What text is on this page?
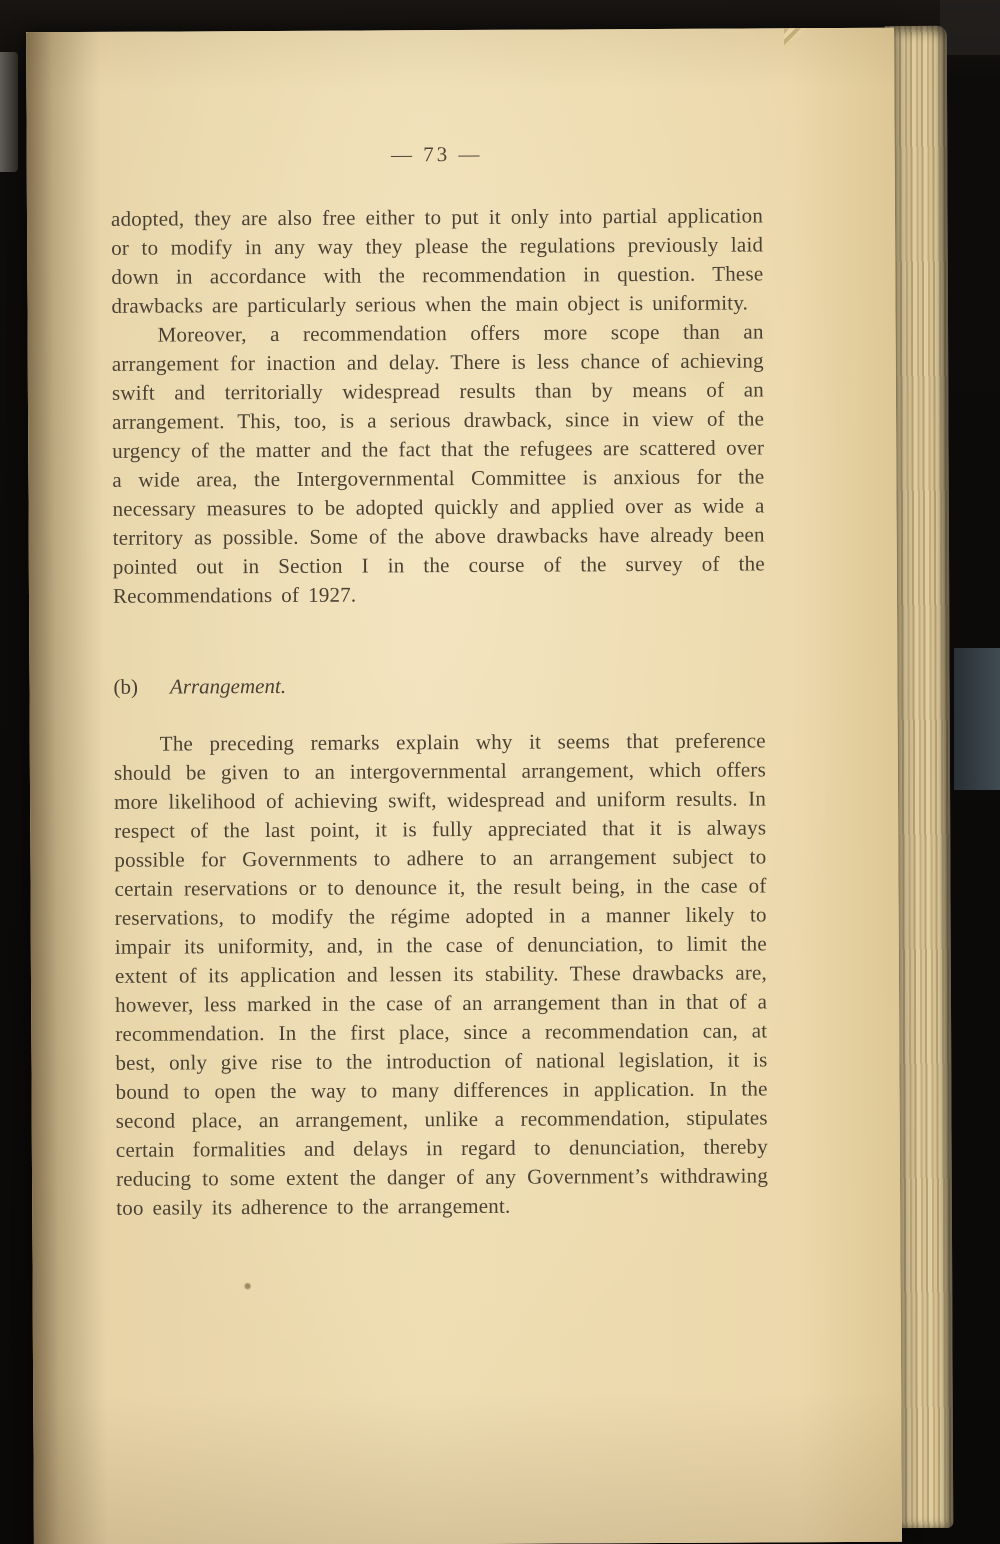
— 73 —

adopted, they are also free either to put it only into partial application or to modify in any way they please the regulations previously laid down in accordance with the recommendation in question. These drawbacks are particularly serious when the main object is uniformity.

Moreover, a recommendation offers more scope than an arrangement for inaction and delay. There is less chance of achieving swift and territorially widespread results than by means of an arrangement. This, too, is a serious drawback, since in view of the urgency of the matter and the fact that the refugees are scattered over a wide area, the Intergovernmental Committee is anxious for the necessary measures to be adopted quickly and applied over as wide a territory as possible. Some of the above drawbacks have already been pointed out in Section I in the course of the survey of the Recommendations of 1927.

(b) Arrangement.

The preceding remarks explain why it seems that preference should be given to an intergovernmental arrangement, which offers more likelihood of achieving swift, widespread and uniform results. In respect of the last point, it is fully appreciated that it is always possible for Governments to adhere to an arrangement subject to certain reservations or to denounce it, the result being, in the case of reservations, to modify the régime adopted in a manner likely to impair its uniformity, and, in the case of denunciation, to limit the extent of its application and lessen its stability. These drawbacks are, however, less marked in the case of an arrangement than in that of a recommendation. In the first place, since a recommendation can, at best, only give rise to the introduction of national legislation, it is bound to open the way to many differences in application. In the second place, an arrangement, unlike a recommendation, stipulates certain formalities and delays in regard to denunciation, thereby reducing to some extent the danger of any Government’s withdrawing too easily its adherence to the arrangement.
